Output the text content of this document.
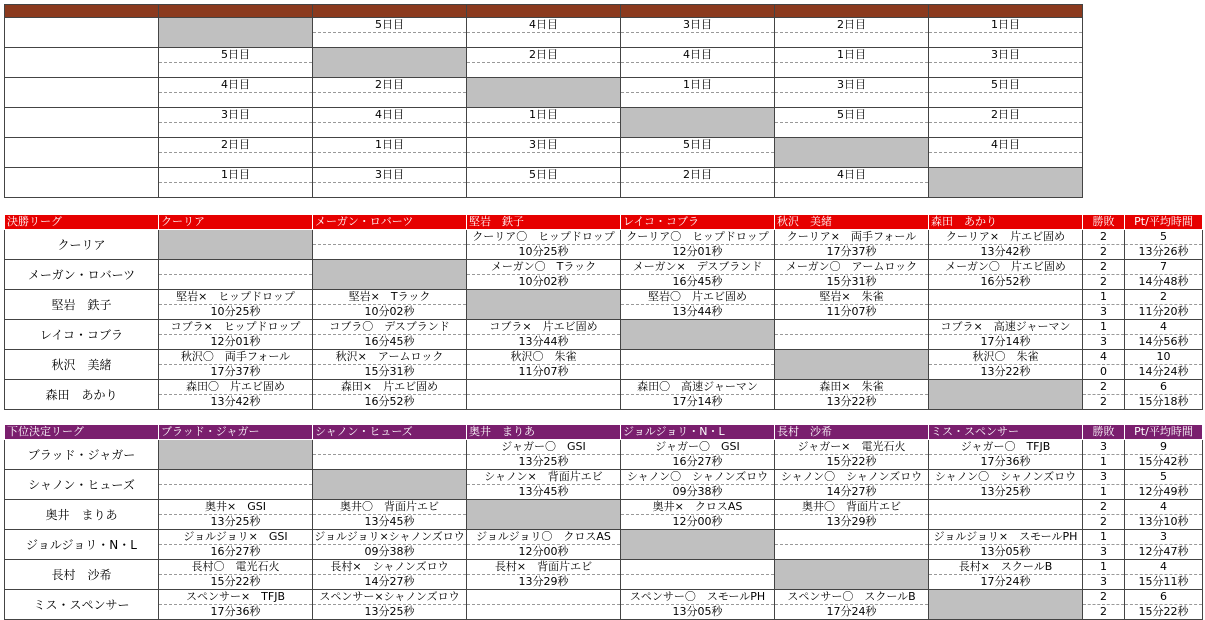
		5日目	4日目	3日目	2日目	1日目

	5日目		2日目	4日目	1日目	3日目

	4日目	2日目		1日目	3日目	5日目

	3日目	4日目	1日目		5日目	2日目

	2日目	1日目	3日目	5日目		4日目

	1日目	3日目	5日目	2日目	4日目	

決勝リーグ	クーリア	メーガン・ロバーツ	堅岩　鉄子	レイコ・コブラ	秋沢　美緒	森田　あかり	勝敗	Pt/平均時間
クーリア			クーリア〇　ヒップドロップ	クーリア〇　ヒップドロップ	クーリア×　両手フォール	クーリア×　片エビ固め	2	5
			10分25秒	12分01秒	17分37秒	13分42秒	2	13分26秒
メーガン・ロバーツ			メーガン〇　Tラック	メーガン×　デスブランド	メーガン〇　アームロック	メーガン〇　片エビ固め	2	7
			10分02秒	16分45秒	15分31秒	16分52秒	2	14分48秒
堅岩　鉄子	堅岩×　ヒップドロップ	堅岩×　Tラック		堅岩〇　片エビ固め	堅岩×　朱雀		1	2
	10分25秒	10分02秒		13分44秒	11分07秒		3	11分20秒
レイコ・コブラ	コブラ×　ヒップドロップ	コブラ〇　デスブランド	コブラ×　片エビ固め			コブラ×　高速ジャーマン	1	4
	12分01秒	16分45秒	13分44秒			17分14秒	3	14分56秒
秋沢　美緒	秋沢〇　両手フォール	秋沢×　アームロック	秋沢〇　朱雀			秋沢〇　朱雀	4	10
	17分37秒	15分31秒	11分07秒			13分22秒	0	14分24秒
森田　あかり	森田〇　片エビ固め	森田×　片エビ固め		森田〇　高速ジャーマン	森田×　朱雀		2	6
	13分42秒	16分52秒		17分14秒	13分22秒		2	15分18秒
下位決定リーグ	ブラッド・ジャガー	シャノン・ヒューズ	奥井　まりあ	ジョルジョリ・N・L	長村　沙希	ミス・スペンサー	勝敗	Pt/平均時間
ブラッド・ジャガー			ジャガー〇　GSI	ジャガー〇　GSI	ジャガー×　電光石火	ジャガー〇　TFJB	3	9
			13分25秒	16分27秒	15分22秒	17分36秒	1	15分42秒
シャノン・ヒューズ			シャノン×　背面片エビ	シャノン〇　シャノンズロウ	シャノン〇　シャノンズロウ	シャノン〇　シャノンズロウ	3	5
			13分45秒	09分38秒	14分27秒	13分25秒	1	12分49秒
奥井　まりあ	奥井×　GSI	奥井〇　背面片エビ		奥井×　クロスAS	奥井〇　背面片エビ		2	4
	13分25秒	13分45秒		12分00秒	13分29秒		2	13分10秒
ジョルジョリ・N・L	ジョルジョリ×　GSI	ジョルジョリ×シャノンズロウ	ジョルジョリ〇　クロスAS			ジョルジョリ×　スモールPH	1	3
	16分27秒	09分38秒	12分00秒			13分05秒	3	12分47秒
長村　沙希	長村〇　電光石火	長村×　シャノンズロウ	長村×　背面片エビ			長村×　スクールB	1	4
	15分22秒	14分27秒	13分29秒			17分24秒	3	15分11秒
ミス・スペンサー	スペンサー×　TFJB	スペンサー×シャノンズロウ		スペンサー〇　スモールPH	スペンサー〇　スクールB		2	6
	17分36秒	13分25秒		13分05秒	17分24秒		2	15分22秒
